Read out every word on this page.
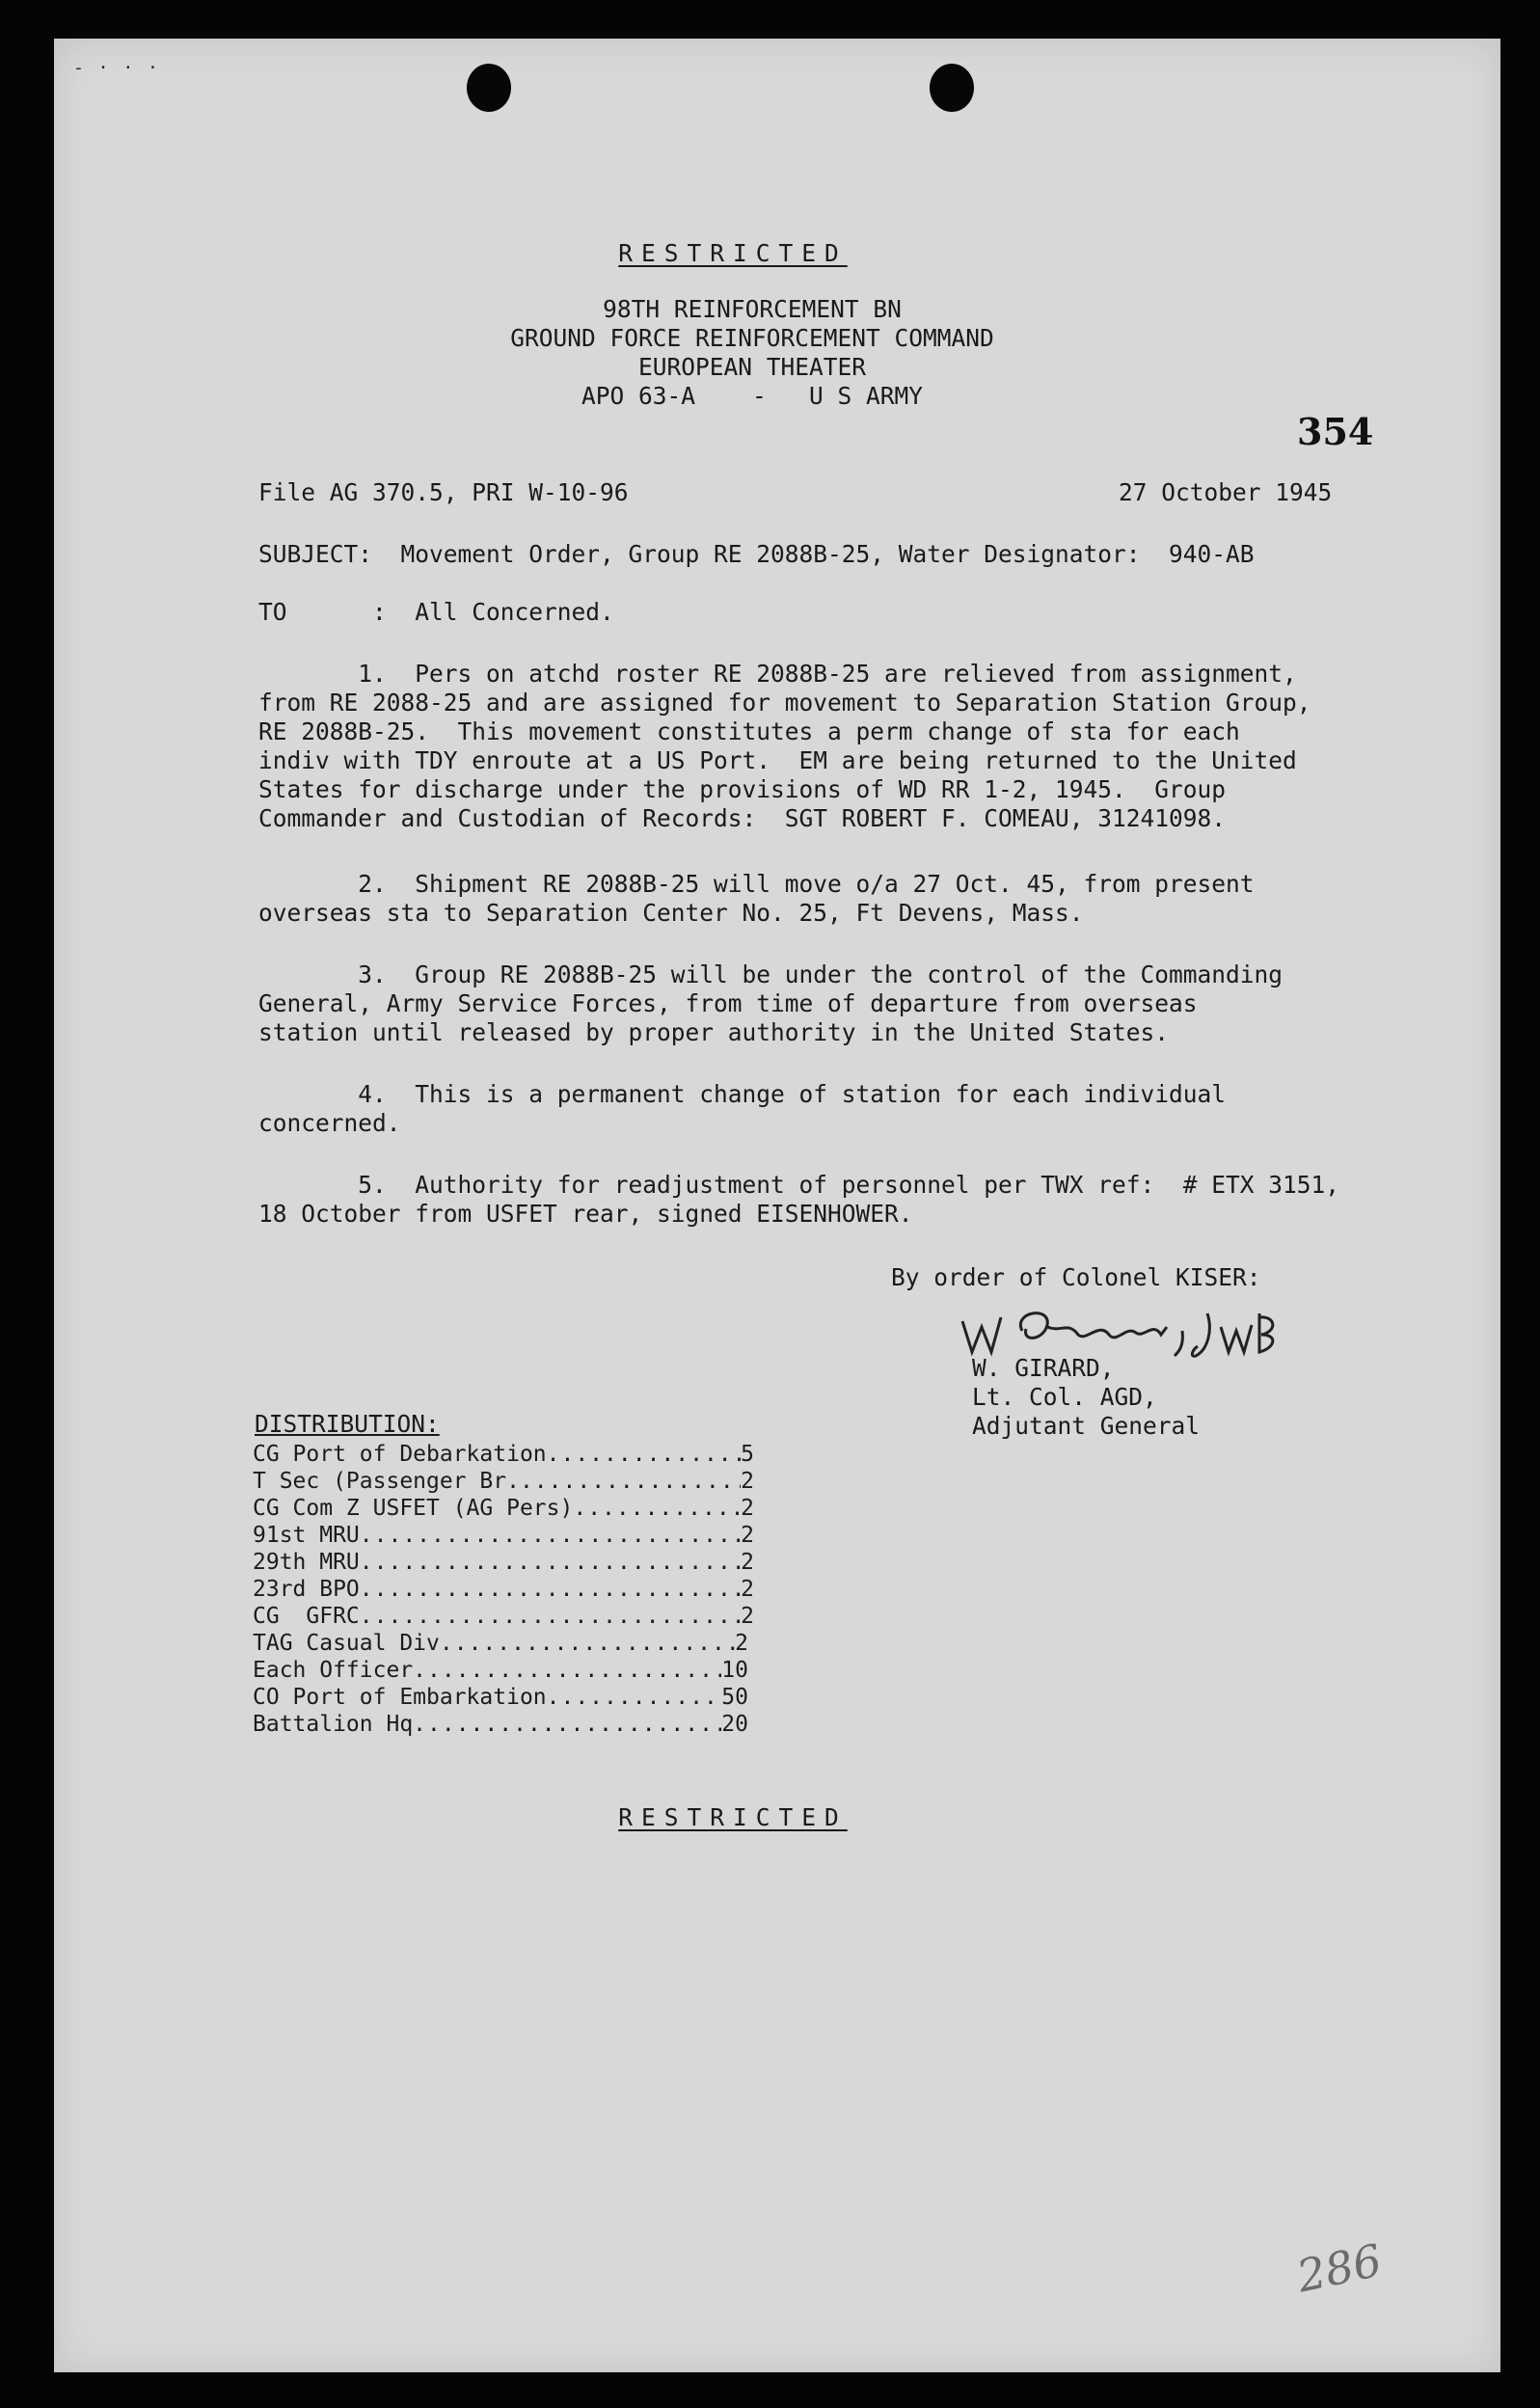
- · · ·
RESTRICTED
98TH REINFORCEMENT BN
GROUND FORCE REINFORCEMENT COMMAND
EUROPEAN THEATER
APO 63-A    -   U S ARMY
354
File AG 370.5, PRI W-10-96	27 October 1945
SUBJECT:  Movement Order, Group RE 2088B-25, Water Designator:  940-AB
TO      :  All Concerned.
1.  Pers on atchd roster RE 2088B-25 are relieved from assignment,
from RE 2088-25 and are assigned for movement to Separation Station Group,
RE 2088B-25.  This movement constitutes a perm change of sta for each
indiv with TDY enroute at a US Port.  EM are being returned to the United
States for discharge under the provisions of WD RR 1-2, 1945.  Group
Commander and Custodian of Records:  SGT ROBERT F. COMEAU, 31241098.
2.  Shipment RE 2088B-25 will move o/a 27 Oct. 45, from present
overseas sta to Separation Center No. 25, Ft Devens, Mass.
3.  Group RE 2088B-25 will be under the control of the Commanding
General, Army Service Forces, from time of departure from overseas
station until released by proper authority in the United States.
4.  This is a permanent change of station for each individual
concerned.
5.  Authority for readjustment of personnel per TWX ref:  # ETX 3151,
18 October from USFET rear, signed EISENHOWER.
By order of Colonel KISER:
W. GIRARD,
Lt. Col. AGD,
Adjutant General
DISTRIBUTION:
CG Port of Debarkation .....	5
T Sec (Passenger Br. .....	2
CG Com Z USFET (AG Pers) .....	2
91st MRU .....	2
29th MRU .....	2
23rd BPO .....	2
CG  GFRC .....	2
TAG Casual Div .....	2
Each Officer .....	10
CO Port of Embarkation .....	50
Battalion Hq .....	20
RESTRICTED
286
